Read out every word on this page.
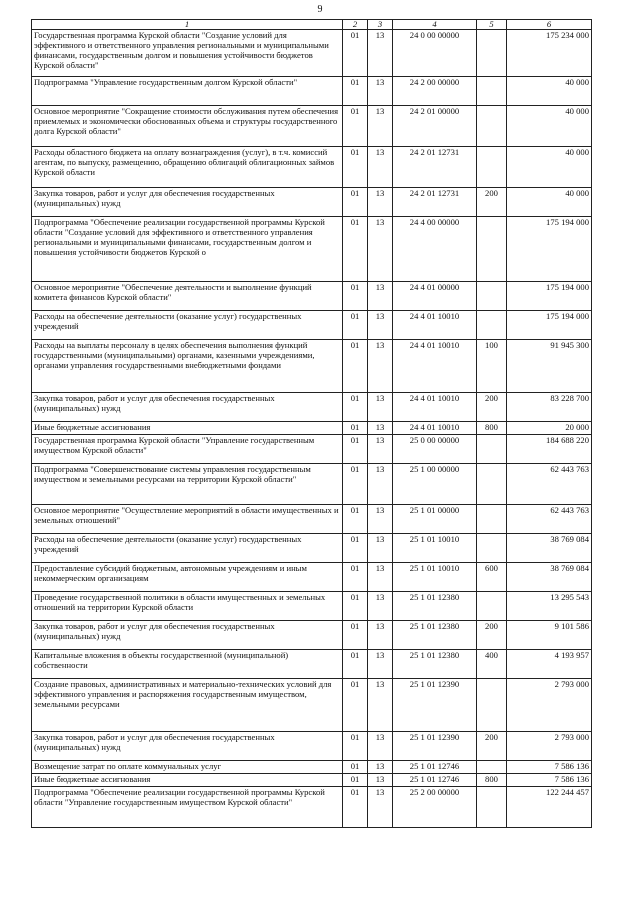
9
1	2	3	4	5	6
Государственная программа Курской области "Создание условий для эффективного и ответственного управления региональными и муниципальными финансами, государственным долгом и повышения устойчивости бюджетов Курской области"	01	13	24 0 00 00000		175 234 000
Подпрограмма "Управление государственным долгом Курской области"	01	13	24 2 00 00000		40 000
Основное мероприятие "Сокращение стоимости обслуживания путем обеспечения приемлемых и экономически обоснованных объема и структуры государственного долга Курской области"	01	13	24 2 01 00000		40 000
Расходы областного бюджета на оплату вознаграждения (услуг), в т.ч. комиссий агентам, по выпуску, размещению, обращению облигаций облигационных займов Курской области	01	13	24 2 01 12731		40 000
Закупка товаров, работ и услуг для обеспечения государственных (муниципальных) нужд	01	13	24 2 01 12731	200	40 000
Подпрограмма "Обеспечение реализации государственной программы Курской области "Создание условий для эффективного и ответственного управления региональными и муниципальными финансами, государственным долгом и повышения устойчивости бюджетов Курской о	01	13	24 4 00 00000		175 194 000
Основное мероприятие "Обеспечение деятельности и выполнение функций комитета финансов Курской области"	01	13	24 4 01 00000		175 194 000
Расходы на обеспечение деятельности (оказание услуг) государственных учреждений	01	13	24 4 01 10010		175 194 000
Расходы на выплаты персоналу в целях обеспечения выполнения функций государственными (муниципальными) органами, казенными учреждениями, органами управления государственными внебюджетными фондами	01	13	24 4 01 10010	100	91 945 300
Закупка товаров, работ и услуг для обеспечения государственных (муниципальных) нужд	01	13	24 4 01 10010	200	83 228 700
Иные бюджетные ассигнования	01	13	24 4 01 10010	800	20 000
Государственная программа Курской области "Управление государственным имуществом Курской области"	01	13	25 0 00 00000		184 688 220
Подпрограмма "Совершенствование системы управления государственным имуществом и земельными ресурсами на территории Курской области"	01	13	25 1 00 00000		62 443 763
Основное мероприятие "Осуществление мероприятий в области имущественных и земельных отношений"	01	13	25 1 01 00000		62 443 763
Расходы на обеспечение деятельности (оказание услуг) государственных учреждений	01	13	25 1 01 10010		38 769 084
Предоставление субсидий бюджетным, автономным учреждениям и иным некоммерческим организациям	01	13	25 1 01 10010	600	38 769 084
Проведение государственной политики в области имущественных и земельных отношений на территории Курской области	01	13	25 1 01 12380		13 295 543
Закупка товаров, работ и услуг для обеспечения государственных (муниципальных) нужд	01	13	25 1 01 12380	200	9 101 586
Капитальные вложения в объекты государственной (муниципальной) собственности	01	13	25 1 01 12380	400	4 193 957
Создание правовых, административных и материально-технических условий для эффективного управления и распоряжения государственным имуществом, земельными ресурсами	01	13	25 1 01 12390		2 793 000
Закупка товаров, работ и услуг для обеспечения государственных (муниципальных) нужд	01	13	25 1 01 12390	200	2 793 000
Возмещение затрат по оплате коммунальных услуг	01	13	25 1 01 12746		7 586 136
Иные бюджетные ассигнования	01	13	25 1 01 12746	800	7 586 136
Подпрограмма "Обеспечение реализации государственной программы Курской области "Управление государственным имуществом Курской области"	01	13	25 2 00 00000		122 244 457
